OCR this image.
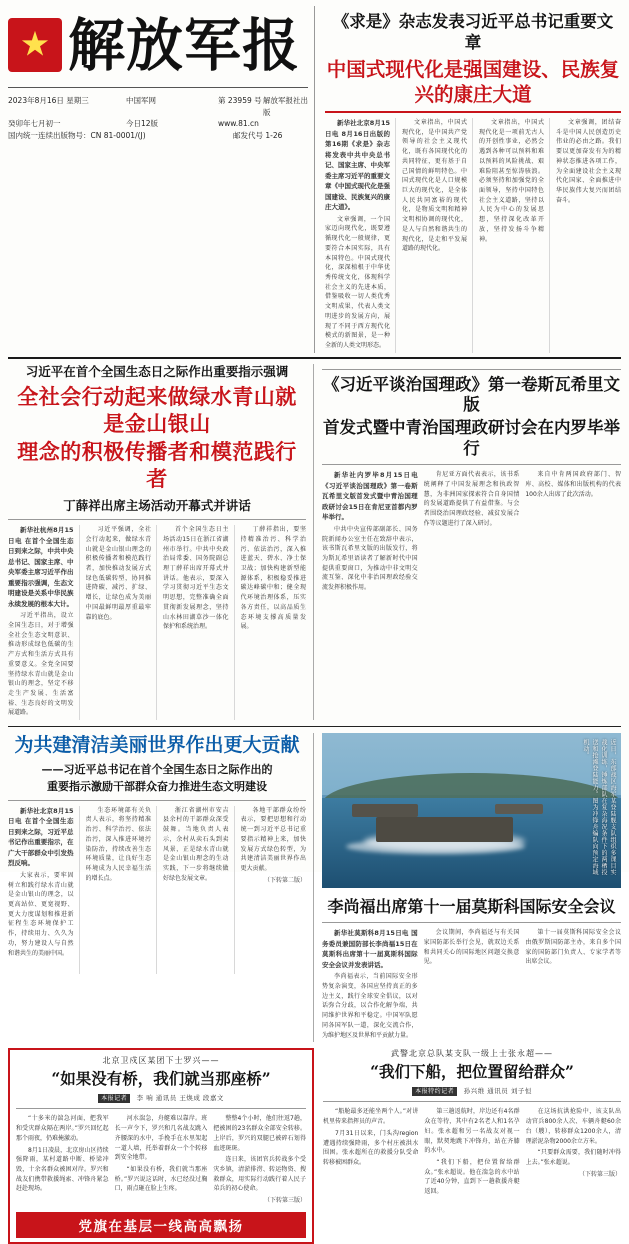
★ 解放军报
2023年8月16日 星期三	中国军网	第 23959 号 解放军报社出版
癸卯年七月初一	今日12版	www.81.cn
国内统一连续出版物号：CN 81-0001/(J)	邮发代号 1-26
《求是》杂志发表习近平总书记重要文章
中国式现代化是强国建设、民族复兴的康庄大道

新华社北京8月15日电 8月16日出版的第16期《求是》杂志将发表中共中央总书记、国家主席、中央军委主席习近平的重要文章《中国式现代化是强国建设、民族复兴的康庄大道》。

文章强调，一个国家迈向现代化，既要遵循现代化一般规律，更要符合本国实际，具有本国特色。中国式现代化，深深植根于中华优秀传统文化，体现科学社会主义的先进本质，借鉴吸收一切人类优秀文明成果，代表人类文明进步的发展方向，展现了不同于西方现代化模式的新图景，是一种全新的人类文明形态。

文章指出，中国式现代化，是中国共产党领导的社会主义现代化，既有各国现代化的共同特征，更有基于自己国情的鲜明特色。中国式现代化是人口规模巨大的现代化，是全体人民共同富裕的现代化，是物质文明和精神文明相协调的现代化，是人与自然和谐共生的现代化，是走和平发展道路的现代化。

文章指出，中国式现代化是一项前无古人的开创性事业，必然会遇到各种可以预料和难以预料的风险挑战、艰难险阻甚至惊涛骇浪。必须坚持和加强党的全面领导，坚持中国特色社会主义道路，坚持以人民为中心的发展思想，坚持深化改革开放，坚持发扬斗争精神。

文章强调，团结奋斗是中国人民创造历史伟业的必由之路。我们要以更加奋发有为的精神状态推进各项工作，为全面建设社会主义现代化国家、全面推进中华民族伟大复兴而团结奋斗。

习近平在首个全国生态日之际作出重要指示强调
全社会行动起来做绿水青山就是金山银山
理念的积极传播者和模范践行者
丁薛祥出席主场活动开幕式并讲话

新华社杭州8月15日电 在首个全国生态日到来之际，中共中央总书记、国家主席、中央军委主席习近平作出重要指示强调，生态文明建设是关系中华民族永续发展的根本大计。

习近平指出，设立全国生态日，对于增强全社会生态文明意识、推动形成绿色低碳的生产方式和生活方式具有重要意义。全党全国要坚持绿水青山就是金山银山的理念，坚定不移走生产发展、生活富裕、生态良好的文明发展道路。

习近平强调，全社会行动起来，做绿水青山就是金山银山理念的积极传播者和模范践行者，加快推动发展方式绿色低碳转型，协同推进降碳、减污、扩绿、增长，让绿色成为美丽中国最鲜明最厚重最牢靠的底色。

首个全国生态日主场活动15日在浙江省湖州市举行。中共中央政治局常委、国务院副总理丁薛祥出席开幕式并讲话。他表示，要深入学习贯彻习近平生态文明思想，完整准确全面贯彻新发展理念，坚持山水林田湖草沙一体化保护和系统治理。

丁薛祥指出，要坚持精准治污、科学治污、依法治污，深入推进蓝天、碧水、净土保卫战；加快构建新型能源体系，积极稳妥推进碳达峰碳中和；健全现代环境治理体系，压实各方责任，以高品质生态环境支撑高质量发展。

《习近平谈治国理政》第一卷斯瓦希里文版
首发式暨中青治国理政研讨会在内罗毕举行

新华社内罗毕8月15日电 《习近平谈治国理政》第一卷斯瓦希里文版首发式暨中青治国理政研讨会15日在肯尼亚首都内罗毕举行。

中共中央宣传部副部长、国务院新闻办公室主任在致辞中表示，该书斯瓦希里文版的出版发行，将为斯瓦希里语读者了解新时代中国提供重要窗口，为推动中非文明交流互鉴、深化中非治国理政经验交流发挥积极作用。

肯尼亚方面代表表示，该书系统阐释了中国发展理念和执政智慧，为非洲国家探索符合自身国情的发展道路提供了有益借鉴。与会者围绕治国理政经验、减贫发展合作等议题进行了深入研讨。

来自中肯两国政府部门、智库、高校、媒体和出版机构的代表100余人出席了此次活动。

为共建清洁美丽世界作出更大贡献
——习近平总书记在首个全国生态日之际作出的
重要指示激励干部群众奋力推进生态文明建设

新华社北京8月15日电 在首个全国生态日到来之际，习近平总书记作出重要指示，在广大干部群众中引发热烈反响。

大家表示，要牢固树立和践行绿水青山就是金山银山的理念，以更高站位、更宽视野、更大力度谋划和推进新征程生态环境保护工作，持续用力、久久为功，努力建设人与自然和谐共生的美丽中国。

生态环境部有关负责人表示，将坚持精准治污、科学治污、依法治污，深入推进环境污染防治，持续改善生态环境质量，让良好生态环境成为人民幸福生活的增长点。

浙江省湖州市安吉县余村的干部群众深受鼓舞。当地负责人表示，余村从卖石头到卖风景，正是绿水青山就是金山银山理念的生动实践，下一步将继续做好绿色发展文章。

各地干部群众纷纷表示，要把思想和行动统一到习近平总书记重要指示精神上来，加快发展方式绿色转型，为共建清洁美丽世界作出更大贡献。

（下转第二版）

近日，东部战区海军某登陆舰支队组织多课目实战化训练，锤炼部队在复杂海况条件下的两栖投送和抢滩登陆能力。图为冲锋舟编队向预定海域机动。
李尚福出席第十一届莫斯科国际安全会议

新华社莫斯科8月15日电 国务委员兼国防部长李尚福15日在莫斯科出席第十一届莫斯科国际安全会议并发表讲话。

李尚福表示，当前国际安全形势复杂演变，各国应坚持真正的多边主义，践行全球安全倡议，以对话弥合分歧，以合作化解争端，共同维护世界和平稳定。中国军队愿同各国军队一道，深化交流合作，为维护地区及世界和平贡献力量。

会议期间，李尚福还与有关国家国防部长举行会见，就双边关系和共同关心的国际地区问题交换意见。

第十一届莫斯科国际安全会议由俄罗斯国防部主办，来自多个国家的国防部门负责人、专家学者等出席会议。

北京卫戍区某团下士罗兴——
“如果没有桥，我们就当那座桥”
本报记者 李 响 通讯员 王焕成 段嘉文

“十多米的湍急河面，把我军和受灾群众隔在两岸。”罗兴回忆起那个雨夜，仍难掩激动。

8月1日凌晨，北京房山区持续强降雨，某村道路中断、桥梁冲毁，十余名群众被困对岸。罗兴和战友们携带救援绳索、冲锋舟紧急赶赴现场。

河水湍急，舟艇难以靠岸。班长一声令下，罗兴和几名战友跳入齐腰深的水中，手挽手在水里架起一道人墙，托举着群众一个个转移到安全地带。

“如果没有桥，我们就当那座桥。”罗兴说这话时，水已经没过胸口，雨点砸在脸上生疼。

整整4个小时，他们往返7趟，把被困的23名群众全部安全转移。上岸后，罗兴的双腿已被碎石划得血迹斑斑。

连日来，该团官兵转战多个受灾乡镇，清淤排涝、转运物资、搜救群众，用实际行动践行着人民子弟兵的初心使命。

（下转第三版）

党旗在基层一线高高飘扬
武警北京总队某支队一级上士张永超——
“我们下船，把位置留给群众”
本报特约记者 孙兴维 通讯员 刘子恒

“船舱最多还能坐两个人。”对讲机里传来指挥员的声音。

7月31日以来，门头沟region遭遇持续强降雨，多个村庄被洪水围困。张永超所在的救援分队受命转移被困群众。

第三趟返航时，岸边还有4名群众在等待，其中有2名老人和1名孕妇。张永超和另一名战友对视一眼，默契地跳下冲锋舟，站在齐膝的水中。

“我们下船，把位置留给群众。”张永超说。他在湍急的水中站了近40分钟，直到下一趟救援舟艇返回。

在这场抗洪抢险中，该支队出动官兵800余人次、车辆舟艇60余台（艘），转移群众1200余人，清理淤泥杂物2000余立方米。

“只要群众需要，我们随时冲得上去。”张永超说。

（下转第三版）
